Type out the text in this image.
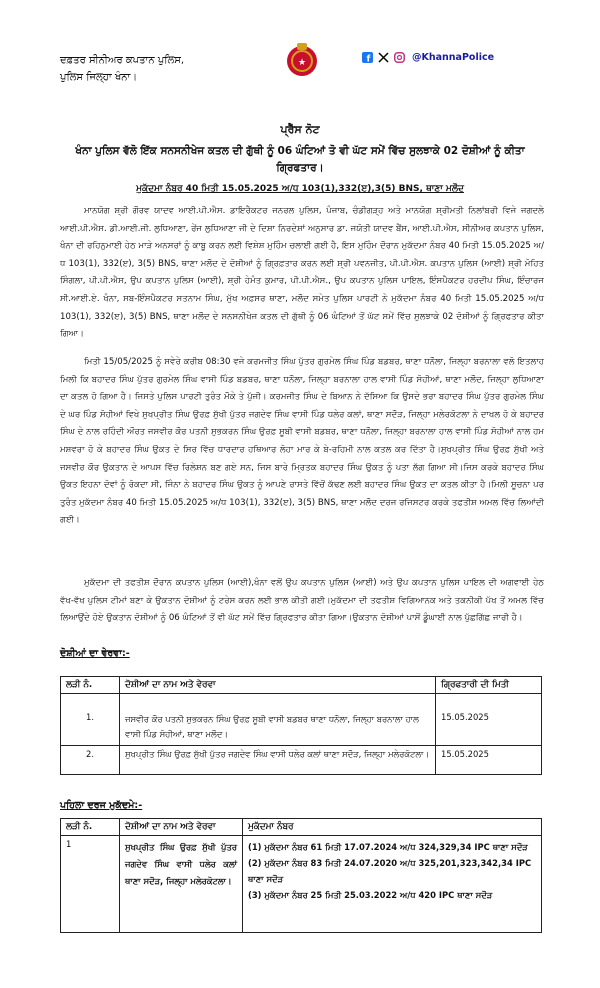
ਦਫ਼ਤਰ ਸੀਨੀਅਰ ਕਪਤਾਨ ਪੁਲਿਸ,
ਪੁਲਿਸ ਜਿਲ੍ਹਾ ਖੰਨਾ।
★	f	@KhannaPolice
ਪ੍ਰੈੱਸ ਨੋਟ
ਖੰਨਾ ਪੁਲਿਸ ਵੱਲੋ ਇੱਕ ਸਨਸਨੀਖੇਜ ਕਤਲ ਦੀ ਗੁੱਥੀ ਨੂੰ 06 ਘੰਟਿਆਂ ਤੋ ਵੀ ਘੱਟ ਸਮੇਂ ਵਿੱਚ ਸੁਲਝਾਕੇ 02 ਦੋਸ਼ੀਆਂ ਨੂੰ ਕੀਤਾ ਗ੍ਰਿਫਤਾਰ।
ਮੁਕੱਦਮਾ ਨੰਬਰ 40 ਮਿਤੀ 15.05.2025 ਅ/ਧ 103(1),332(ੲ),3(5) BNS, ਥਾਣਾ ਮਲੌਦ
ਮਾਨਯੋਗ ਸ਼੍ਰੀ ਗੌਰਵ ਯਾਦਵ ਆਈ.ਪੀ.ਐਸ. ਡਾਇਰੈਕਟਰ ਜਨਰਲ ਪੁਲਿਸ, ਪੰਜਾਬ, ਚੰਡੀਗੜ੍ਹ ਅਤੇ ਮਾਨਯੋਗ ਸ਼੍ਰੀਮਤੀ ਨਿਲਾਂਬਰੀ ਵਿਜੇ ਜਗਦਲੇ ਆਈ.ਪੀ.ਐਸ. ਡੀ.ਆਈ.ਜੀ. ਲੁਧਿਆਣਾ, ਰੇਂਜ ਲੁਧਿਆਣਾ ਜੀ ਦੇ ਦਿਸ਼ਾ ਨਿਰਦੇਸ਼ਾਂ ਅਨੁਸਾਰ ਡਾ. ਜਯੋਤੀ ਯਾਦਵ ਬੈਂਸ, ਆਈ.ਪੀ.ਐਸ, ਸੀਨੀਅਰ ਕਪਤਾਨ ਪੁਲਿਸ, ਖੰਨਾ ਦੀ ਰਹਿਨੁਮਾਈ ਹੇਠ ਮਾੜੇ ਅਨਸਰਾਂ ਨੂੰ ਕਾਬੂ ਕਰਨ ਲਈ ਵਿਸ਼ੇਸ਼ ਮੁਹਿੰਮ ਚਲਾਈ ਗਈ ਹੈ, ਇਸ ਮੁਹਿੰਮ ਦੌਰਾਨ ਮੁਕੱਦਮਾ ਨੰਬਰ 40 ਮਿਤੀ 15.05.2025 ਅ/ਧ 103(1), 332(ੲ), 3(5) BNS, ਥਾਣਾ ਮਲੌਦ ਦੇ ਦੋਸ਼ੀਆਂ ਨੂੰ ਗ੍ਰਿਫ਼ਤਾਰ ਕਰਨ ਲਈ ਸ਼੍ਰੀ ਪਵਨਜੀਤ, ਪੀ.ਪੀ.ਐਸ. ਕਪਤਾਨ ਪੁਲਿਸ (ਆਈ) ਸ਼੍ਰੀ ਮੋਹਿਤ ਸਿੰਗਲਾ, ਪੀ.ਪੀ.ਐਸ, ਉਪ ਕਪਤਾਨ ਪੁਲਿਸ (ਆਈ), ਸ਼੍ਰੀ ਹੇਮੰਤ ਕੁਮਾਰ, ਪੀ.ਪੀ.ਐਸ., ਉਪ ਕਪਤਾਨ ਪੁਲਿਸ ਪਾਇਲ, ਇੰਸਪੈਕਟਰ ਹਰਦੀਪ ਸਿੰਘ, ਇੰਚਾਰਜ ਸੀ.ਆਈ.ਏ. ਖੰਨਾ, ਸਬ-ਇੰਸਪੈਕਟਰ ਸਤਨਾਮ ਸਿੰਘ, ਮੁੱਖ ਅਫ਼ਸਰ ਥਾਣਾ, ਮਲੌਦ ਸਮੇਤ ਪੁਲਿਸ ਪਾਰਟੀ ਨੇ ਮੁਕੱਦਮਾ ਨੰਬਰ 40 ਮਿਤੀ 15.05.2025 ਅ/ਧ 103(1), 332(ੲ), 3(5) BNS, ਥਾਣਾ ਮਲੌਦ ਦੇ ਸਨਸਨੀਖੇਜ ਕਤਲ ਦੀ ਗੁੱਥੀ ਨੂੰ 06 ਘੰਟਿਆਂ ਤੋਂ ਘੱਟ ਸਮੇਂ ਵਿੱਚ ਸੁਲਝਾਕੇ 02 ਦੋਸ਼ੀਆਂ ਨੂੰ ਗ੍ਰਿਫਤਾਰ ਕੀਤਾ ਗਿਆ।
ਮਿਤੀ 15/05/2025 ਨੂੰ ਸਵੇਰੇ ਕਰੀਬ 08:30 ਵਜੇ ਕਰਮਜੀਤ ਸਿੰਘ ਪੁੱਤਰ ਗੁਰਮੇਲ ਸਿੰਘ ਪਿੰਡ ਬਡਬਰ, ਥਾਣਾ ਧਨੌਲਾ, ਜਿਲ੍ਹਾ ਬਰਨਾਲਾ ਵਲੋ ਇਤਲਾਹ ਮਿਲੀ ਕਿ ਬਹਾਦਰ ਸਿੰਘ ਪੁੱਤਰ ਗੁਰਮੇਲ ਸਿੰਘ ਵਾਸੀ ਪਿੰਡ ਬਡਬਰ, ਥਾਣਾ ਧਨੌਲਾ, ਜਿਲ੍ਹਾ ਬਰਨਾਲਾ ਹਾਲ ਵਾਸੀ ਪਿੰਡ ਸੋਹੀਆਂ, ਥਾਣਾ ਮਲੌਦ, ਜਿਲ੍ਹਾ ਲੁਧਿਆਣਾ ਦਾ ਕਤਲ ਹੋ ਗਿਆ ਹੈ। ਜਿਸਤੇ ਪੁਲਿਸ ਪਾਰਟੀ ਤੁਰੰਤ ਮੌਕੇ ਤੇ ਪੁੱਜੀ। ਕਰਮਜੀਤ ਸਿੰਘ ਦੇ ਬਿਆਨ ਨੇ ਦੱਸਿਆ ਕਿ ਉਸਦੇ ਭਰਾ ਬਹਾਦਰ ਸਿੰਘ ਪੁੱਤਰ ਗੁਰਮੇਲ ਸਿੰਘ ਦੇ ਘਰ ਪਿੰਡ ਸੋਹੀਆਂ ਵਿਖੇ ਸੁਖਪ੍ਰੀਤ ਸਿੰਘ ਉਰਫ਼ ਸੁੱਖੀ ਪੁੱਤਰ ਜਗਦੇਵ ਸਿੰਘ ਵਾਸੀ ਪਿੰਡ ਧਲੇਰ ਕਲਾਂ, ਥਾਣਾ ਸਦੌੜ, ਜਿਲ੍ਹਾ ਮਲੇਰਕੋਟਲਾ ਨੇ ਦਾਖਲ ਹੋ ਕੇ ਬਹਾਦਰ ਸਿੰਘ ਦੇ ਨਾਲ ਰਹਿੰਦੀ ਔਰਤ ਜਸਵੀਰ ਕੌਰ ਪਤਨੀ ਸੁਭਕਰਨ ਸਿੰਘ ਉਰਫ਼ ਸੂਬੀ ਵਾਸੀ ਬਡਬਰ, ਥਾਣਾ ਧਨੌਲਾ, ਜਿਲ੍ਹਾ ਬਰਨਾਲਾ ਹਾਲ ਵਾਸੀ ਪਿੰਡ ਸੋਹੀਆਂ ਨਾਲ ਹਮ ਮਸ਼ਵਰਾ ਹੋ ਕੇ ਬਹਾਦਰ ਸਿੰਘ ਉਕਤ ਦੇ ਸਿਰ ਵਿੱਚ ਧਾਰਦਾਰ ਹਥਿਆਰ ਲੋਹਾ ਮਾਰ ਕੇ ਬੇ-ਰਹਿਮੀ ਨਾਲ ਕਤਲ ਕਰ ਦਿੱਤਾ ਹੈ।ਸੁਖਪ੍ਰੀਤ ਸਿੰਘ ਉਰਫ਼ ਸੁੱਖੀ ਅਤੇ ਜਸਵੀਰ ਕੌਰ ਉਕਤਾਨ ਦੇ ਆਪਸ ਵਿੱਚ ਰਿਲੇਸ਼ਨ ਬਣ ਗਏ ਸਨ, ਜਿਸ ਬਾਰੇ ਮ੍ਰਿਤਕ ਬਹਾਦਰ ਸਿੰਘ ਉਕਤ ਨੂੰ ਪਤਾ ਲੱਗ ਗਿਆ ਸੀ।ਜਿਸ ਕਰਕੇ ਬਹਾਦਰ ਸਿੰਘ ਉਕਤ ਇਹਨਾ ਦੋਵਾਂ ਨੂੰ ਰੋਕਦਾ ਸੀ, ਜਿੰਨਾ ਨੇ ਬਹਾਦਰ ਸਿੰਘ ਉਕਤ ਨੂੰ ਆਪਣੇ ਰਾਸਤੇ ਵਿੱਚੋਂ ਕੱਢਣ ਲਈ ਬਹਾਦਰ ਸਿੰਘ ਉਕਤ ਦਾ ਕਤਲ ਕੀਤਾ ਹੈ।ਮਿਲੀ ਸੂਚਨਾ ਪਰ ਤੁਰੰਤ ਮੁਕੱਦਮਾ ਨੰਬਰ 40 ਮਿਤੀ 15.05.2025 ਅ/ਧ 103(1), 332(ੲ), 3(5) BNS, ਥਾਣਾ ਮਲੌਦ ਦਰਜ ਰਜਿਸਟਰ ਕਰਕੇ ਤਫਤੀਸ਼ ਅਮਲ ਵਿੱਚ ਲਿਆਂਦੀ ਗਈ।
ਮੁਕੱਦਮਾ ਦੀ ਤਫਤੀਸ਼ ਦੌਰਾਨ ਕਪਤਾਨ ਪੁਲਿਸ (ਆਈ),ਖੰਨਾ ਵਲੋਂ ਉਪ ਕਪਤਾਨ ਪੁਲਿਸ (ਆਈ) ਅਤੇ ਉਪ ਕਪਤਾਨ ਪੁਲਿਸ ਪਾਇਲ ਦੀ ਅਗਵਾਈ ਹੇਠ ਵੱਖ-ਵੱਖ ਪੁਲਿਸ ਟੀਮਾਂ ਬਣਾ ਕੇ ਉਕਤਾਨ ਦੋਸ਼ੀਆਂ ਨੂੰ ਟਰੇਸ ਕਰਨ ਲਈ ਭਾਲ ਕੀਤੀ ਗਈ।ਮੁਕੱਦਮਾ ਦੀ ਤਫਤੀਸ਼ ਵਿਗਿਆਨਕ ਅਤੇ ਤਕਨੀਕੀ ਪੱਖ ਤੋਂ ਅਮਲ ਵਿੱਚ ਲਿਆਉਂਦੇ ਹੋਏ ਉਕਤਾਨ ਦੋਸ਼ੀਆਂ ਨੂੰ 06 ਘੰਟਿਆਂ ਤੋਂ ਵੀ ਘੱਟ ਸਮੇਂ ਵਿੱਚ ਗ੍ਰਿਫਤਾਰ ਕੀਤਾ ਗਿਆ।ਉਕਤਾਨ ਦੋਸ਼ੀਆਂ ਪਾਸੋਂ ਡੂੰਘਾਈ ਨਾਲ ਪੁੱਛਗਿੱਛ ਜਾਰੀ ਹੈ।
ਦੋਸ਼ੀਆਂ ਦਾ ਵੇਰਵਾ:-
ਲੜੀ ਨੰ.	ਦੋਸ਼ੀਆਂ ਦਾ ਨਾਮ ਅਤੇ ਵੇਰਵਾ	ਗ੍ਰਿਫਤਾਰੀ ਦੀ ਮਿਤੀ
1.	ਜਸਵੀਰ ਕੌਰ ਪਤਨੀ ਸੁਭਕਰਨ ਸਿੰਘ ਉਰਫ਼ ਸੂਬੀ ਵਾਸੀ ਬਡਬਰ ਥਾਣਾ ਧਨੌਲਾ, ਜਿਲ੍ਹਾ ਬਰਨਾਲਾ ਹਾਲ ਵਾਸੀ ਪਿੰਡ ਸੋਹੀਆਂ, ਥਾਣਾ ਮਲੌਦ।	15.05.2025
2.	ਸੁਖਪ੍ਰੀਤ ਸਿੰਘ ਉਰਫ਼ ਸੁੱਖੀ ਪੁੱਤਰ ਜਗਦੇਵ ਸਿੰਘ ਵਾਸੀ ਧਲੇਰ ਕਲਾਂ ਥਾਣਾ ਸਦੌੜ, ਜਿਲ੍ਹਾ ਮਲੇਰਕੋਟਲਾ।	15.05.2025
ਪਹਿਲਾ ਦਰਜ ਮੁਕੱਦਮੇ:-
ਲੜੀ ਨੰ.	ਦੋਸ਼ੀਆਂ ਦਾ ਨਾਮ ਅਤੇ ਵੇਰਵਾ	ਮੁਕੱਦਮਾ ਨੰਬਰ
1	ਸੁਖਪ੍ਰੀਤ ਸਿੰਘ ਉਰਫ਼ ਸੁੱਖੀ ਪੁੱਤਰ ਜਗਦੇਵ ਸਿੰਘ ਵਾਸੀ ਧਲੇਰ ਕਲਾਂ ਥਾਣਾ ਸਦੌੜ, ਜਿਲ੍ਹਾ ਮਲੇਰਕੋਟਲਾ।	(1) ਮੁਕੱਦਮਾ ਨੰਬਰ 61 ਮਿਤੀ 17.07.2024 ਅ/ਧ 324,329,34 IPC ਥਾਣਾ ਸਦੌੜ
(2) ਮੁਕੱਦਮਾ ਨੰਬਰ 83 ਮਿਤੀ 24.07.2020 ਅ/ਧ 325,201,323,342,34 IPC ਥਾਣਾ ਸਦੌੜ
(3) ਮੁਕੱਦਮਾ ਨੰਬਰ 25 ਮਿਤੀ 25.03.2022 ਅ/ਧ 420 IPC ਥਾਣਾ ਸਦੌੜ
